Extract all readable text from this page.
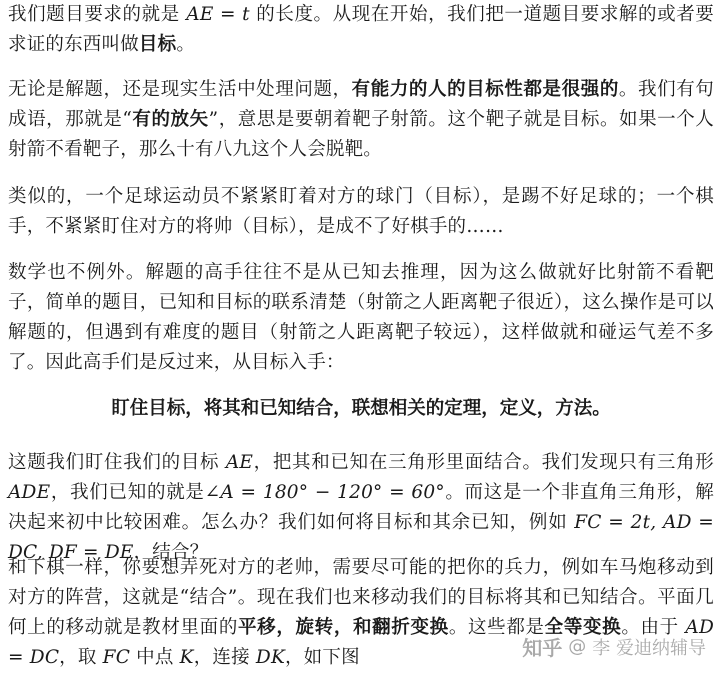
我们题目要求的就是 AE = t 的长度。从现在开始，我们把一道题目要求解的或者要求证的东西叫做目标。

无论是解题，还是现实生活中处理问题，有能力的人的目标性都是很强的。我们有句成语，那就是“有的放矢”，意思是要朝着靶子射箭。这个靶子就是目标。如果一个人射箭不看靶子，那么十有八九这个人会脱靶。

类似的，一个足球运动员不紧紧盯着对方的球门（目标），是踢不好足球的；一个棋手，不紧紧盯住对方的将帅（目标），是成不了好棋手的……

数学也不例外。解题的高手往往不是从已知去推理，因为这么做就好比射箭不看靶子，简单的题目，已知和目标的联系清楚（射箭之人距离靶子很近），这么操作是可以解题的，但遇到有难度的题目（射箭之人距离靶子较远），这样做就和碰运气差不多了。因此高手们是反过来，从目标入手：

盯住目标，将其和已知结合，联想相关的定理，定义，方法。

这题我们盯住我们的目标 AE，把其和已知在三角形里面结合。我们发现只有三角形 ADE，我们已知的就是∠A = 180° − 120° = 60°。而这是一个非直角三角形，解决起来初中比较困难。怎么办？我们如何将目标和其余已知，例如 FC = 2t, AD = DC, DF = DE，结合？

和下棋一样，你要想弄死对方的老帅，需要尽可能的把你的兵力，例如车马炮移动到对方的阵营，这就是“结合”。现在我们也来移动我们的目标将其和已知结合。平面几何上的移动就是教材里面的平移，旋转，和翻折变换。这些都是全等变换。由于 AD = DC，取 FC 中点 K，连接 DK，如下图	知乎 @ 李 爱迪纳辅导
